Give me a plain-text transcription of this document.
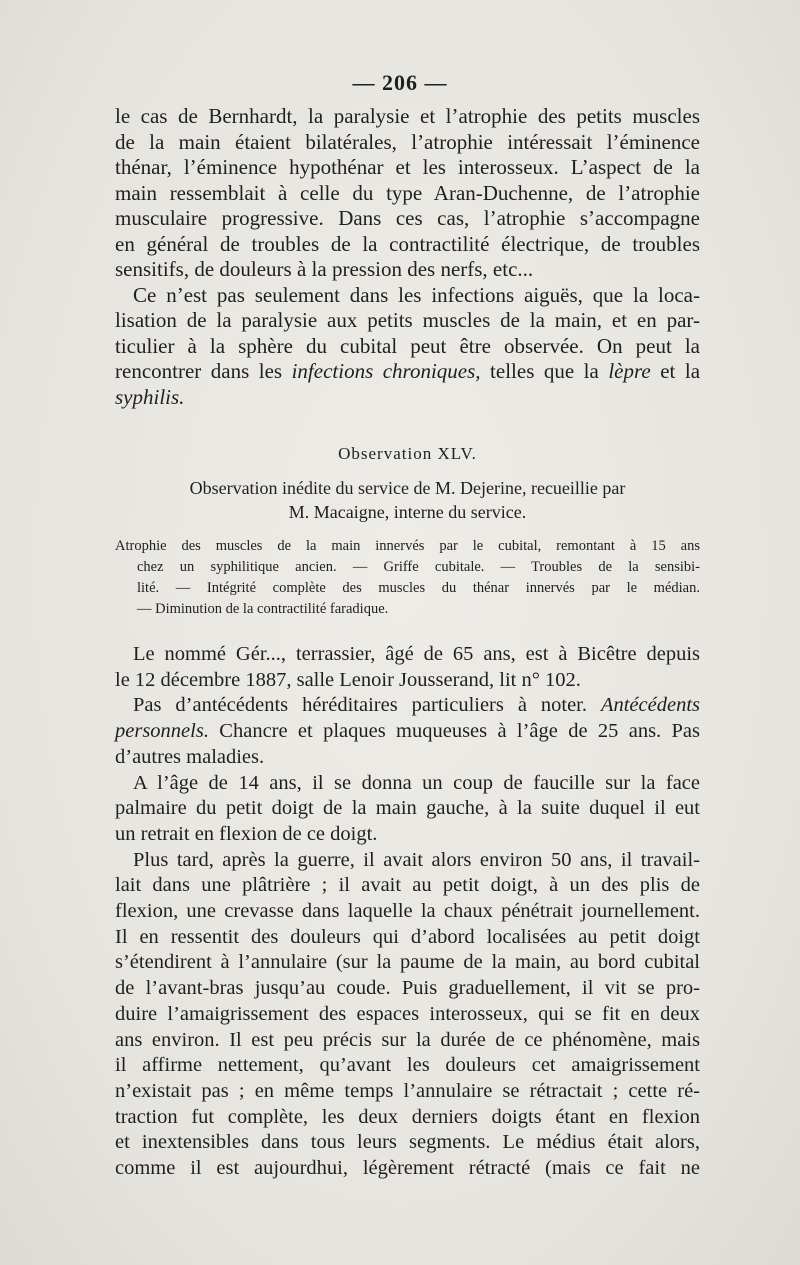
— 206 —
le cas de Bernhardt, la paralysie et l’atrophie des petits muscles
de la main étaient bilatérales, l’atrophie intéressait l’éminence
thénar, l’éminence hypothénar et les interosseux. L’aspect de la
main ressemblait à celle du type Aran-Duchenne, de l’atrophie
musculaire progressive. Dans ces cas, l’atrophie s’accompagne
en général de troubles de la contractilité électrique, de troubles
sensitifs, de douleurs à la pression des nerfs, etc...
Ce n’est pas seulement dans les infections aiguës, que la loca-
lisation de la paralysie aux petits muscles de la main, et en par-
ticulier à la sphère du cubital peut être observée. On peut la
rencontrer dans les infections chroniques, telles que la lèpre et la
syphilis.
Observation XLV.
Observation inédite du service de M. Dejerine, recueillie par
M. Macaigne, interne du service.
Atrophie des muscles de la main innervés par le cubital, remontant à 15 ans
chez un syphilitique ancien. — Griffe cubitale. — Troubles de la sensibi-
lité. — Intégrité complète des muscles du thénar innervés par le médian.
— Diminution de la contractilité faradique.
Le nommé Gér..., terrassier, âgé de 65 ans, est à Bicêtre depuis
le 12 décembre 1887, salle Lenoir Jousserand, lit n° 102.
Pas d’antécédents héréditaires particuliers à noter. Antécédents
personnels. Chancre et plaques muqueuses à l’âge de 25 ans. Pas
d’autres maladies.
A l’âge de 14 ans, il se donna un coup de faucille sur la face
palmaire du petit doigt de la main gauche, à la suite duquel il eut
un retrait en flexion de ce doigt.
Plus tard, après la guerre, il avait alors environ 50 ans, il travail-
lait dans une plâtrière ; il avait au petit doigt, à un des plis de
flexion, une crevasse dans laquelle la chaux pénétrait journellement.
Il en ressentit des douleurs qui d’abord localisées au petit doigt
s’étendirent à l’annulaire (sur la paume de la main, au bord cubital
de l’avant-bras jusqu’au coude. Puis graduellement, il vit se pro-
duire l’amaigrissement des espaces interosseux, qui se fit en deux
ans environ. Il est peu précis sur la durée de ce phénomène, mais
il affirme nettement, qu’avant les douleurs cet amaigrissement
n’existait pas ; en même temps l’annulaire se rétractait ; cette ré-
traction fut complète, les deux derniers doigts étant en flexion
et inextensibles dans tous leurs segments. Le médius était alors,
comme il est aujourdhui, légèrement rétracté (mais ce fait ne
